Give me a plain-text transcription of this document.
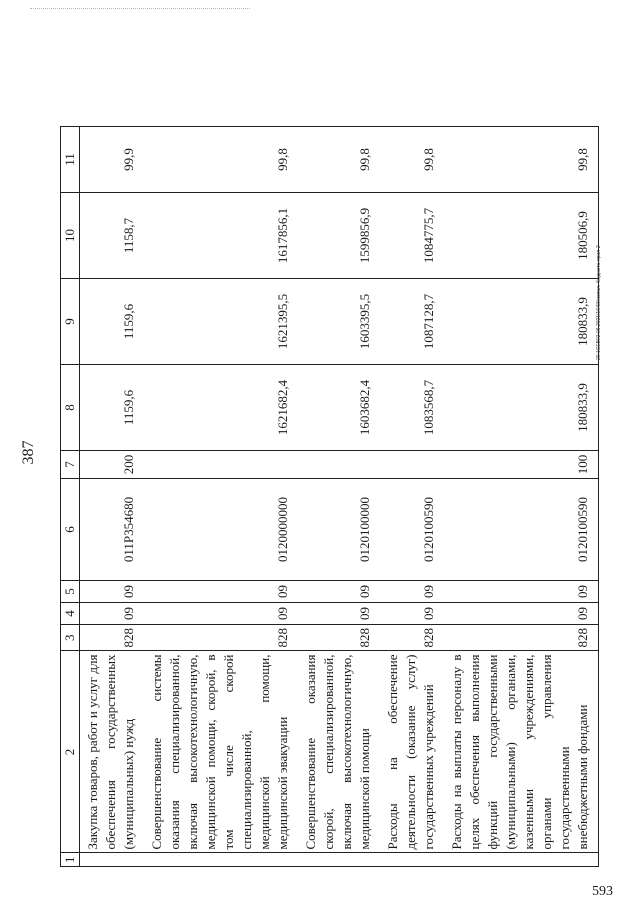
387
1	2	3	4	5	6	7	8	9	10	11
	Закупка товаров, работ и услуг для обеспечения государственных (муниципальных) нужд	828	09	09	011Р354680	200	1159,6	1159,6	1158,7	99,9
	Совершенствование системы оказания специализированной, включая высокотехнологичную, медицинской помощи, скорой, в том числе скорой специализированной, медицинской помощи, медицинской эвакуации	828	09	09	0120000000		1621682,4	1621395,5	1617856,1	99,8
	Совершенствование оказания скорой, специализированной, включая высокотехнологичную, медицинской помощи	828	09	09	0120100000		1603682,4	1603395,5	1599856,9	99,8
	Расходы на обеспечение деятельности (оказание услуг) государственных учреждений	828	09	09	0120100590		1083568,7	1087128,7	1084775,7	99,8
	Расходы на выплаты персоналу в целях обеспечения выполнения функций государственными (муниципальными) органами, казенными учреждениями, органами управления государственными внебюджетными фондами	828	09	09	0120100590	100	180833,9	180833,9	180506,9	99,8
20.1СЕВ02.06.2021/16:58/испол.-бюджета-прил-2
593
